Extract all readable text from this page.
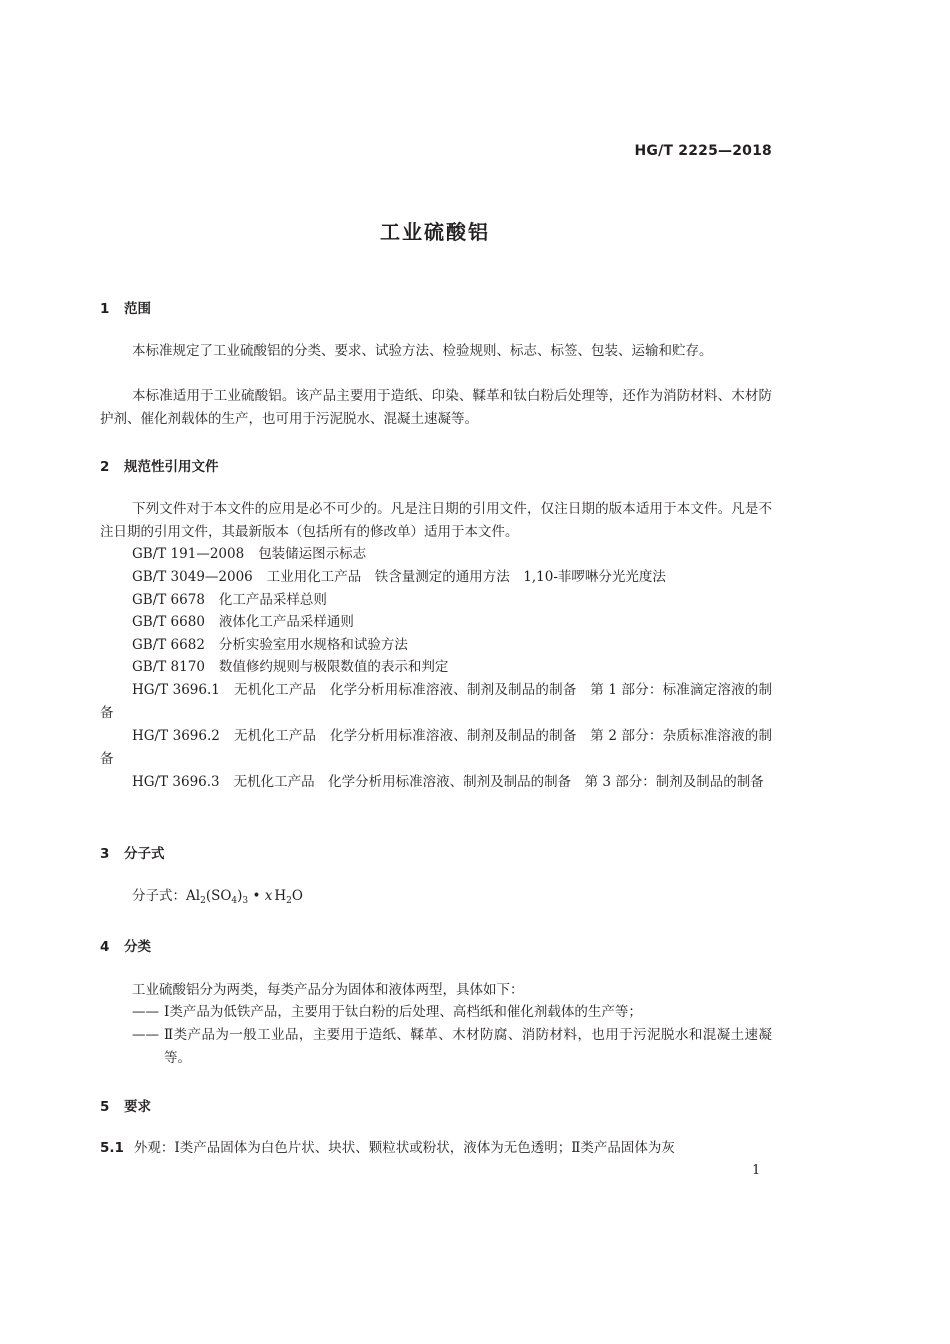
HG/T 2225—2018
工业硫酸铝
1 范围
本标准规定了工业硫酸铝的分类、要求、试验方法、检验规则、标志、标签、包装、运输和贮存。
本标准适用于工业硫酸铝。该产品主要用于造纸、印染、鞣革和钛白粉后处理等，还作为消防材料、木材防护剂、催化剂载体的生产，也可用于污泥脱水、混凝土速凝等。
2 规范性引用文件
下列文件对于本文件的应用是必不可少的。凡是注日期的引用文件，仅注日期的版本适用于本文件。凡是不注日期的引用文件，其最新版本（包括所有的修改单）适用于本文件。
GB/T 191—2008 包装储运图示标志
GB/T 3049—2006 工业用化工产品　铁含量测定的通用方法　1,10-菲啰啉分光光度法
GB/T 6678 化工产品采样总则
GB/T 6680 液体化工产品采样通则
GB/T 6682 分析实验室用水规格和试验方法
GB/T 8170 数值修约规则与极限数值的表示和判定
HG/T 3696.1 无机化工产品　化学分析用标准溶液、制剂及制品的制备　第 1 部分：标准滴定溶液的制备
HG/T 3696.2 无机化工产品　化学分析用标准溶液、制剂及制品的制备　第 2 部分：杂质标准溶液的制备
HG/T 3696.3 无机化工产品　化学分析用标准溶液、制剂及制品的制备　第 3 部分：制剂及制品的制备
3 分子式
分子式：$Al_2(SO_4)_3$ • x $H_2O$
4 分类
工业硫酸铝分为两类，每类产品分为固体和液体两型，具体如下：
—— Ⅰ类产品为低铁产品，主要用于钛白粉的后处理、高档纸和催化剂载体的生产等；
—— Ⅱ类产品为一般工业品，主要用于造纸、鞣革、木材防腐、消防材料，也用于污泥脱水和混凝土速凝等。
5 要求
5.1 外观：Ⅰ类产品固体为白色片状、块状、颗粒状或粉状，液体为无色透明；Ⅱ类产品固体为灰
1
